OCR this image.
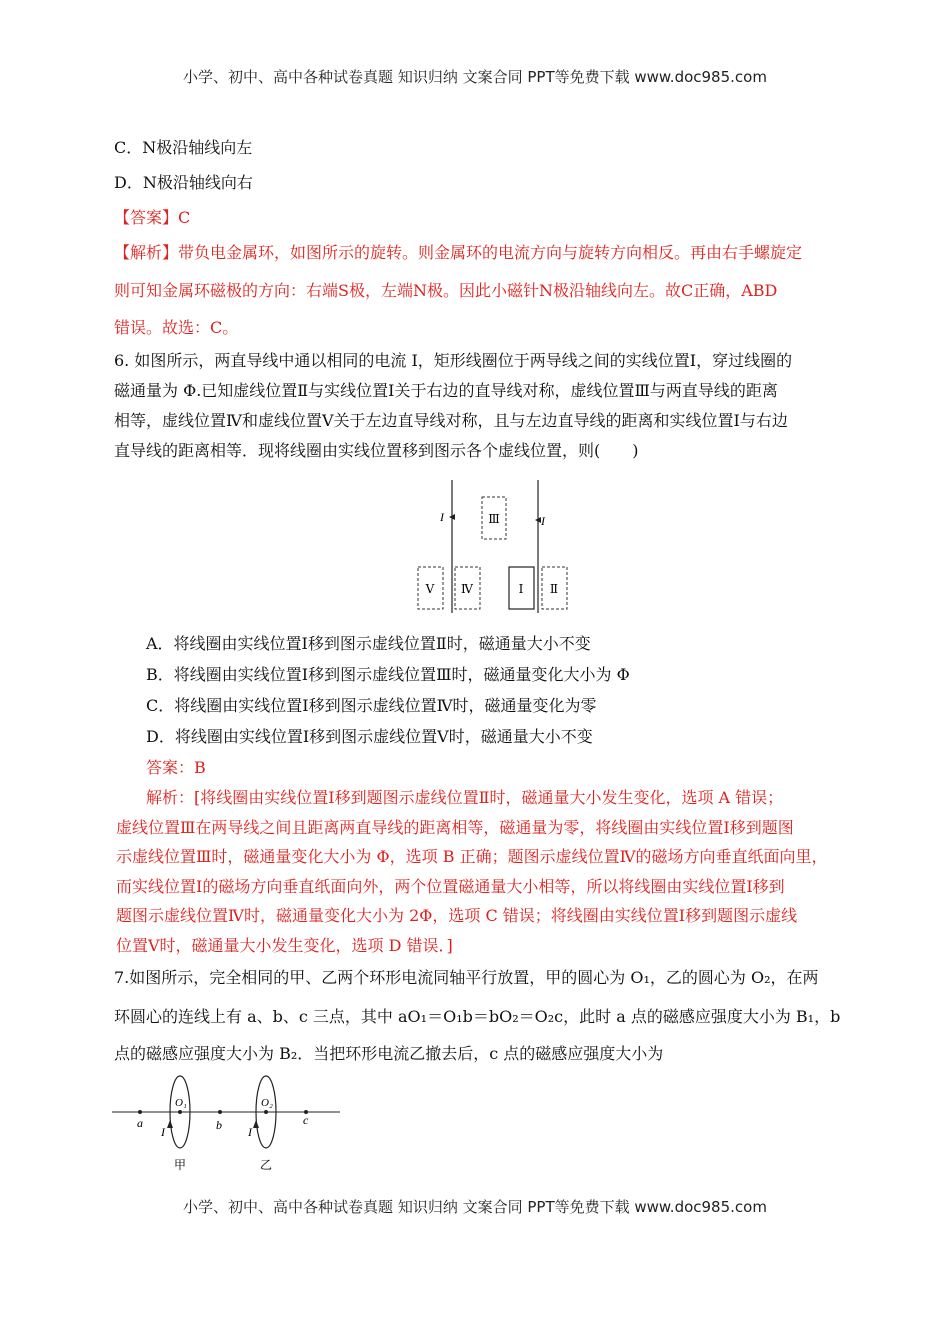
小学、初中、高中各种试卷真题 知识归纳 文案合同 PPT等免费下载 www.doc985.com
C．N极沿轴线向左
D．N极沿轴线向右
【答案】C
【解析】带负电金属环，如图所示的旋转。则金属环的电流方向与旋转方向相反。再由右手螺旋定
则可知金属环磁极的方向：右端S极，左端N极。因此小磁针N极沿轴线向左。故C正确，ABD
错误。故选：C。
6. 如图所示，两直导线中通以相同的电流 I，矩形线圈位于两导线之间的实线位置Ⅰ，穿过线圈的
磁通量为 Φ.已知虚线位置Ⅱ与实线位置Ⅰ关于右边的直导线对称，虚线位置Ⅲ与两直导线的距离
相等，虚线位置Ⅳ和虚线位置Ⅴ关于左边直导线对称，且与左边直导线的距离和实线位置Ⅰ与右边
直导线的距离相等．现将线圈由实线位置移到图示各个虚线位置，则(　　)
I	I
Ⅲ
Ⅴ Ⅳ	Ⅰ Ⅱ
A．将线圈由实线位置Ⅰ移到图示虚线位置Ⅱ时，磁通量大小不变
B．将线圈由实线位置Ⅰ移到图示虚线位置Ⅲ时，磁通量变化大小为 Φ
C．将线圈由实线位置Ⅰ移到图示虚线位置Ⅳ时，磁通量变化为零
D．将线圈由实线位置Ⅰ移到图示虚线位置Ⅴ时，磁通量大小不变
答案：B
解析：[将线圈由实线位置Ⅰ移到题图示虚线位置Ⅱ时，磁通量大小发生变化，选项 A 错误；
虚线位置Ⅲ在两导线之间且距离两直导线的距离相等，磁通量为零，将线圈由实线位置Ⅰ移到题图
示虚线位置Ⅲ时，磁通量变化大小为 Φ，选项 B 正确；题图示虚线位置Ⅳ的磁场方向垂直纸面向里，
而实线位置Ⅰ的磁场方向垂直纸面向外，两个位置磁通量大小相等，所以将线圈由实线位置Ⅰ移到
题图示虚线位置Ⅳ时，磁通量变化大小为 2Φ，选项 C 错误；将线圈由实线位置Ⅰ移到题图示虚线
位置Ⅴ时，磁通量大小发生变化，选项 D 错误．]
7.如图所示，完全相同的甲、乙两个环形电流同轴平行放置，甲的圆心为 O₁，乙的圆心为 O₂，在两
环圆心的连线上有 a、b、c 三点，其中 aO₁＝O₁b＝bO₂＝O₂c，此时 a 点的磁感应强度大小为 B₁，b
点的磁感应强度大小为 B₂．当把环形电流乙撤去后，c 点的磁感应强度大小为
a
O₁
b
O₂
c
I	I
甲	乙
小学、初中、高中各种试卷真题 知识归纳 文案合同 PPT等免费下载 www.doc985.com
